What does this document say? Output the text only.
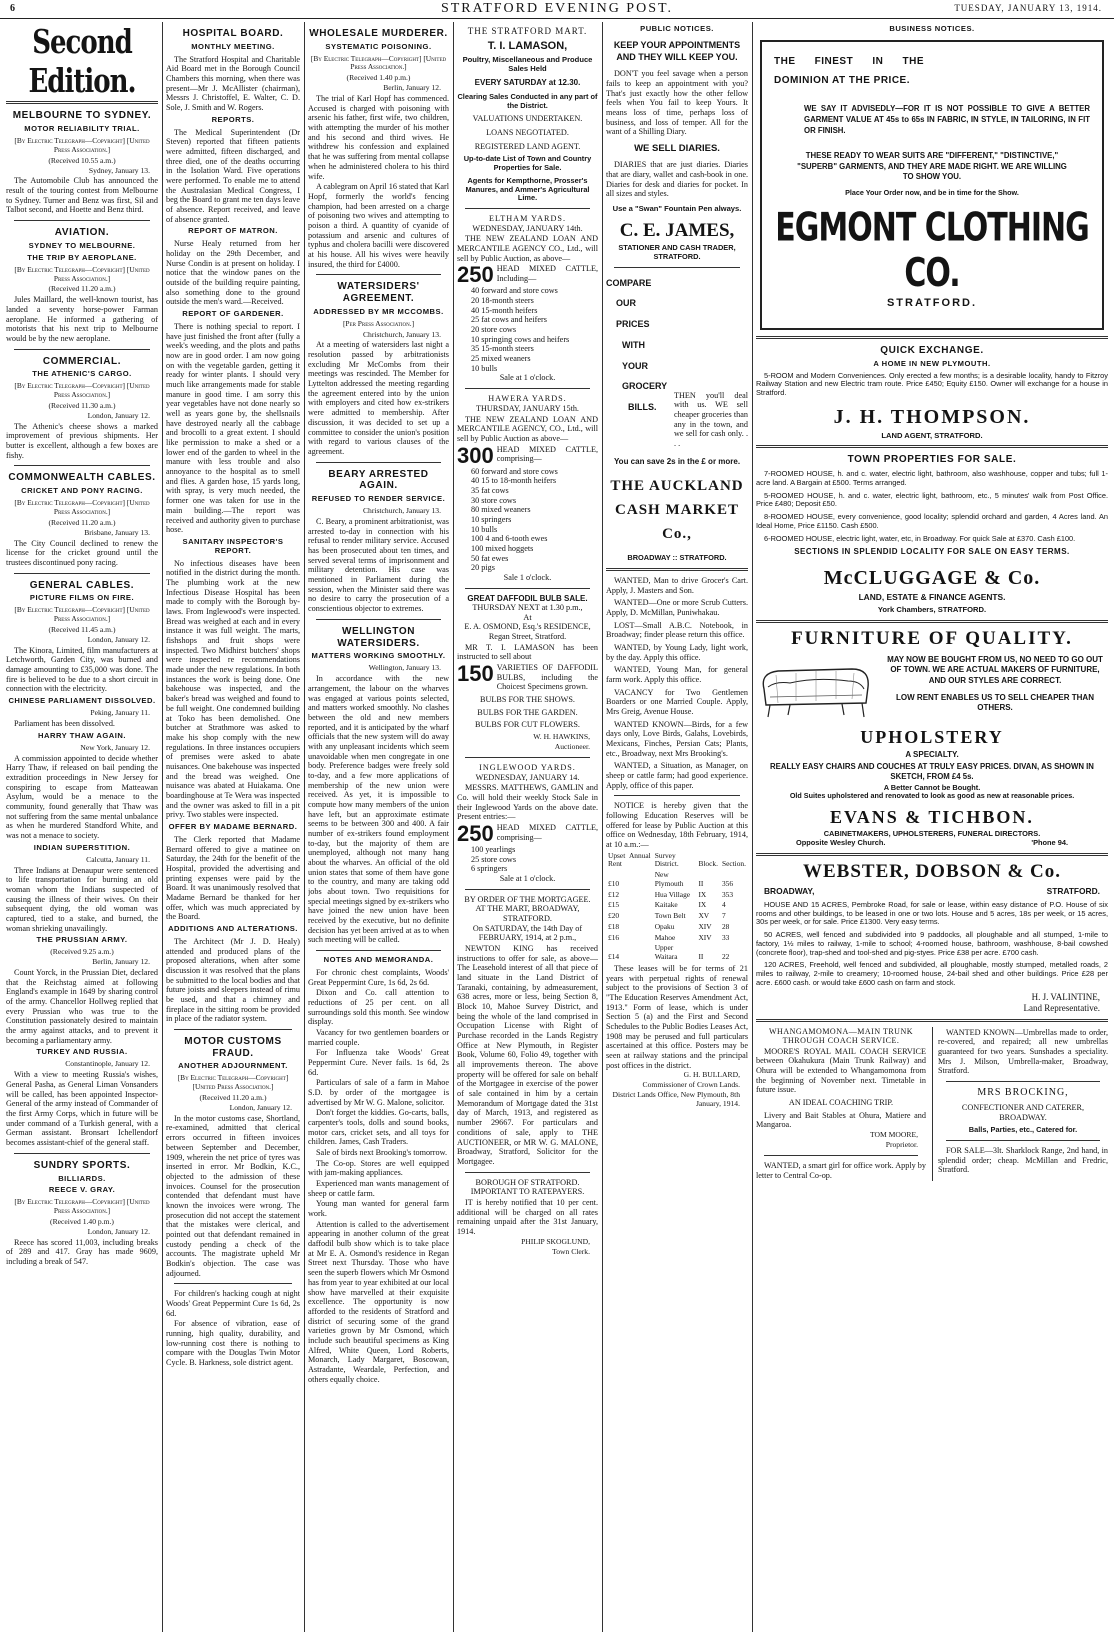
6	STRATFORD EVENING POST.	TUESDAY, JANUARY 13, 1914.
Second Edition.
MELBOURNE TO SYDNEY.
MOTOR RELIABILITY TRIAL.
[By Electric Telegraph—Copyright] [United Press Association.]
(Received 10.55 a.m.)
Sydney, January 13.
The Automobile Club has announced the result of the touring contest from Melbourne to Sydney. Turner and Benz was first, Sil and Talbot second, and Hoette and Benz third.
AVIATION.
SYDNEY TO MELBOURNE.
THE TRIP BY AEROPLANE.
[By Electric Telegraph—Copyright] [United Press Association.]
(Received 11.20 a.m.)
Jules Maillard, the well-known tourist, has landed a seventy horse-power Farman aeroplane. He informed a gathering of motorists that his next trip to Melbourne would be by the new aeroplane.
COMMERCIAL.
THE ATHENIC'S CARGO.
[By Electric Telegraph—Copyright] [United Press Association.]
(Received 11.30 a.m.)
London, January 12.
The Athenic's cheese shows a marked improvement of previous shipments. Her butter is excellent, although a few boxes are fishy.
COMMONWEALTH CABLES.
CRICKET AND PONY RACING.
[By Electric Telegraph—Copyright] [United Press Association.]
(Received 11.20 a.m.)
Brisbane, January 13.
The City Council declined to renew the license for the cricket ground until the trustees discontinued pony racing.
GENERAL CABLES.
PICTURE FILMS ON FIRE.
[By Electric Telegraph—Copyright] [United Press Association.]
(Received 11.45 a.m.)
London, January 12.
The Kinora, Limited, film manufacturers at Letchworth, Garden City, was burned and damage amounting to £35,000 was done. The fire is believed to be due to a short circuit in connection with the electricity.
CHINESE PARLIAMENT DISSOLVED.
Peking, January 11.
Parliament has been dissolved.
HARRY THAW AGAIN.
New York, January 12.
A commission appointed to decide whether Harry Thaw, if released on bail pending the extradition proceedings in New Jersey for conspiring to escape from Matteawan Asylum, would be a menace to the community, found generally that Thaw was not suffering from the same mental unbalance as when he murdered Standford White, and was not a menace to society.
INDIAN SUPERSTITION.
Calcutta, January 11.
Three Indians at Denaupur were sentenced to life transportation for burning an old woman whom the Indians suspected of causing the illness of their wives. On their subsequent dying, the old woman was captured, tied to a stake, and burned, the woman shrieking unavailingly.
THE PRUSSIAN ARMY.
(Received 9.25 a.m.)
Berlin, January 12.
Count Yorck, in the Prussian Diet, declared that the Reichstag aimed at following England's example in 1649 by sharing control of the army. Chancellor Hollweg replied that every Prussian who was true to the Constitution passionately desired to maintain the army against attacks, and to prevent it becoming a parliamentary army.
TURKEY AND RUSSIA.
Constantinople, January 12.
With a view to meeting Russia's wishes, General Pasha, as General Liman Vonsanders will be called, has been appointed Inspector-General of the army instead of Commander of the first Army Corps, which in future will be under command of a Turkish general, with a German assistant. Bronsart Ichellendorf becomes assistant-chief of the general staff.
SUNDRY SPORTS.
BILLIARDS.
REECE V. GRAY.
[By Electric Telegraph—Copyright] [United Press Association.]
(Received 1.40 p.m.)
London, January 12.
Reece has scored 11,003, including breaks of 289 and 417. Gray has made 9609, including a break of 547.
HOSPITAL BOARD.
MONTHLY MEETING.
The Stratford Hospital and Charitable Aid Board met in the Borough Council Chambers this morning, when there was present—Mr J. McAllister (chairman), Messrs J. Christoffel, E. Walter, C. D. Sole, J. Smith and W. Rogers.
REPORTS.
The Medical Superintendent (Dr Steven) reported that fifteen patients were admitted, fifteen discharged, and three died, one of the deaths occurring in the Isolation Ward. Five operations were performed. To enable me to attend the Australasian Medical Congress, I beg the Board to grant me ten days leave of absence. Report received, and leave of absence granted.
REPORT OF MATRON.
Nurse Healy returned from her holiday on the 29th December, and Nurse Condin is at present on holiday. I notice that the window panes on the outside of the building require painting, also something done to the ground outside the men's ward.—Received.
REPORT OF GARDENER.
There is nothing special to report. I have just finished the front after (fully a week's weeding, and the plots and paths now are in good order. I am now going on with the vegetable garden, getting it ready for winter plants. I should very much like arrangements made for stable manure in good time. I am sorry this year vegetables have not done nearly so well as years gone by, the shellsnails have destroyed nearly all the cabbage and brocolli to a great extent. I should like permission to make a shed or a lower end of the garden to wheel in the manure with less trouble and also annoyance to the hospital as to smell and flies. A garden hose, 15 yards long, with spray, is very much needed, the former one was taken for use in the main building.—The report was received and authority given to purchase hose.
SANITARY INSPECTOR'S REPORT.
No infectious diseases have been notified in the district during the month. The plumbing work at the new Infectious Disease Hospital has been made to comply with the Borough by-laws. From Inglewood's were inspected. Bread was weighed at each and in every instance it was full weight. The marts, fishshops and fruit shops were inspected. Two Midhirst butchers' shops were inspected re recommendations made under the new regulations. In both instances the work is being done. One bakehouse was inspected, and the baker's bread was weighed and found to be full weight. One condemned building at Toko has been demolished. One butcher at Strathmore was asked to make his shop comply with the new regulations. In three instances occupiers of premises were asked to abate nuisances. One bakehouse was inspected and the bread was weighed. One nuisance was abated at Huiakama. One boardinghouse at Te Wera was inspected and the owner was asked to fill in a pit privy. Two stables were inspected.
OFFER BY MADAME BERNARD.
The Clerk reported that Madame Bernard offered to give a matinee on Saturday, the 24th for the benefit of the Hospital, provided the advertising and printing expenses were paid by the Board. It was unanimously resolved that Madame Bernard be thanked for her offer, which was much appreciated by the Board.
ADDITIONS AND ALTERATIONS.
The Architect (Mr J. D. Healy) attended and produced plans of the proposed alterations, when after some discussion it was resolved that the plans be submitted to the local bodies and that future joists and sleepers instead of rimu be used, and that a chimney and fireplace in the sitting room be provided in place of the radiator system.
MOTOR CUSTOMS FRAUD.
ANOTHER ADJOURNMENT.
[By Electric Telegraph—Copyright] [United Press Association.]
(Received 11.20 a.m.)
London, January 12.
In the motor customs case, Shortland, re-examined, admitted that clerical errors occurred in fifteen invoices between September and December, 1909, wherein the net price of tyres was inserted in error. Mr Bodkin, K.C., objected to the admission of these invoices. Counsel for the prosecution contended that defendant must have known the invoices were wrong. The prosecution did not accept the statement that the mistakes were clerical, and pointed out that defendant remained in custody pending a check of the accounts. The magistrate upheld Mr Bodkin's objection. The case was adjourned.
For children's hacking cough at night Woods' Great Peppermint Cure 1s 6d, 2s 6d.
For absence of vibration, ease of running, high quality, durability, and low-running cost there is nothing to compare with the Douglas Twin Motor Cycle. B. Harkness, sole district agent.
WHOLESALE MURDERER.
SYSTEMATIC POISONING.
[By Electric Telegraph—Copyright] [United Press Association.]
(Received 1.40 p.m.)
Berlin, January 12.
The trial of Karl Hopf has commenced. Accused is charged with poisoning with arsenic his father, first wife, two children, with attempting the murder of his mother and his second and third wives. He withdrew his confession and explained that he was suffering from mental collapse when he administered cholera to his third wife.
A cablegram on April 16 stated that Karl Hopf, formerly the world's fencing champion, had been arrested on a charge of poisoning two wives and attempting to poison a third. A quantity of cyanide of potassium and arsenic and cultures of typhus and cholera bacilli were discovered at his house. All his wives were heavily insured, the third for £4000.
WATERSIDERS' AGREEMENT.
ADDRESSED BY MR MCCOMBS.
[Per Press Association.]
Christchurch, January 13.
At a meeting of watersiders last night a resolution passed by arbitrationists excluding Mr McCombs from their meetings was rescinded. The Member for Lyttelton addressed the meeting regarding the agreement entered into by the union with employers and cited how ex-strikers were admitted to membership. After discussion, it was decided to set up a committee to consider the union's position with regard to various clauses of the agreement.
BEARY ARRESTED AGAIN.
REFUSED TO RENDER SERVICE.
Christchurch, January 13.
C. Beary, a prominent arbitrationist, was arrested to-day in connection with his refusal to render military service. Accused has been prosecuted about ten times, and served several terms of imprisonment and military detention. His case was mentioned in Parliament during the session, when the Minister said there was no desire to carry the prosecution of a conscientious objector to extremes.
WELLINGTON WATERSIDERS.
MATTERS WORKING SMOOTHLY.
Wellington, January 13.
In accordance with the new arrangement, the labour on the wharves was engaged at various points selected, and matters worked smoothly. No clashes between the old and new members reported, and it is anticipated by the wharf officials that the new system will do away with any unpleasant incidents which seem unavoidable when men congregate in one body. Preference badges were freely sold to-day, and a few more applications of membership of the new union were received. As yet, it is impossible to compute how many members of the union have left, but an approximate estimate seems to be between 300 and 400. A fair number of ex-strikers found employment to-day, but the majority of them are unemployed, although not many hang about the wharves. An official of the old union states that some of them have gone to the country, and many are taking odd jobs about town. Two requisitions for special meetings signed by ex-strikers who have joined the new union have been received by the executive, but no definite decision has yet been arrived at as to when such meeting will be called.
NOTES AND MEMORANDA.
For chronic chest complaints, Woods' Great Peppermint Cure, 1s 6d, 2s 6d.
Dixon and Co. call attention to reductions of 25 per cent. on all surroundings sold this month. See window display.
Vacancy for two gentlemen boarders or married couple.
For Influenza take Woods' Great Peppermint Cure. Never fails. 1s 6d, 2s 6d.
Particulars of sale of a farm in Mahoe S.D. by order of the mortgagee is advertised by Mr W. G. Malone, solicitor.
Don't forget the kiddies. Go-carts, balls, carpenter's tools, dolls and sound books, motor cars, cricket sets, and all toys for children. James, Cash Traders.
Sale of birds next Brooking's tomorrow.
The Co-op. Stores are well equipped with jam-making appliances.
Experienced man wants management of sheep or cattle farm.
Young man wanted for general farm work.
Attention is called to the advertisement appearing in another column of the great daffodil bulb show which is to take place at Mr E. A. Osmond's residence in Regan Street next Thursday. Those who have seen the superb flowers which Mr Osmond has from year to year exhibited at our local show have marvelled at their exquisite excellence. The opportunity is now afforded to the residents of Stratford and district of securing some of the grand varieties grown by Mr Osmond, which include such beautiful specimens as King Alfred, White Queen, Lord Roberts, Monarch, Lady Margaret, Boscowan, Astradante, Weardale, Perfection, and others equally choice.
THE STRATFORD MART.
T. I. LAMASON,
Poultry, Miscellaneous and Produce Sales Held
EVERY SATURDAY at 12.30.
Clearing Sales Conducted in any part of the District.
VALUATIONS UNDERTAKEN.
LOANS NEGOTIATED.
REGISTERED LAND AGENT.
Up-to-date List of Town and Country Properties for Sale.
Agents for Kempthorne, Prosser's Manures, and Ammer's Agricultural Lime.
ELTHAM YARDS.
WEDNESDAY, JANUARY 14th.
THE NEW ZEALAND LOAN AND MERCANTILE AGENCY CO., Ltd., will sell by Public Auction, as above—
250 HEAD MIXED CATTLE, Including—
40 forward and store cows
20 18-month steers
40 15-month heifers
25 fat cows and heifers
20 store cows
10 springing cows and heifers
35 15-month steers
25 mixed weaners
10 bulls
Sale at 1 o'clock.
HAWERA YARDS.
THURSDAY, JANUARY 15th.
THE NEW ZEALAND LOAN AND MERCANTILE AGENCY, CO., Ltd., will sell by Public Auction as above—
300 HEAD MIXED CATTLE, comprising—
60 forward and store cows
40 15 to 18-month heifers
35 fat cows
30 store cows
80 mixed weaners
10 springers
10 bulls
100 4 and 6-tooth ewes
100 mixed hoggets
50 fat ewes
20 pigs
Sale 1 o'clock.
GREAT DAFFODIL BULB SALE.
THURSDAY NEXT at 1.30 p.m.,
At
E. A. OSMOND, Esq.'s RESIDENCE, Regan Street, Stratford.
MR T. I. LAMASON has been instructed to sell about
150 VARIETIES OF DAFFODIL BULBS, including the Choicest Specimens grown.
BULBS FOR THE SHOWS.
BULBS FOR THE GARDEN.
BULBS FOR CUT FLOWERS.
W. H. HAWKINS,
Auctioneer.
INGLEWOOD YARDS.
WEDNESDAY, JANUARY 14.
MESSRS. MATTHEWS, GAMLIN and Co. will hold their weekly Stock Sale in their Inglewood Yards on the above date. Present entries:—
250 HEAD MIXED CATTLE, comprising—
100 yearlings
25 store cows
6 springers
Sale at 1 o'clock.
BY ORDER OF THE MORTGAGEE.
AT THE MART, BROADWAY, STRATFORD.
On SATURDAY, the 14th Day of FEBRUARY, 1914, at 2 p.m.,
NEWTON KING has received instructions to offer for sale, as above— The Leasehold interest of all that piece of land situate in the Land District of Taranaki, containing, by admeasurement, 638 acres, more or less, being Section 8, Block 10, Mahoe Survey District, and being the whole of the land comprised in Occupation License with Right of Purchase recorded in the Lands Registry Office at New Plymouth, in Register Book, Volume 60, Folio 49, together with all improvements thereon. The above property will be offered for sale on behalf of the Mortgagee in exercise of the power of sale contained in him by a certain Memorandum of Mortgage dated the 31st day of March, 1913, and registered as number 29667. For particulars and conditions of sale, apply to THE AUCTIONEER, or MR W. G. MALONE, Broadway, Stratford, Solicitor for the Mortgagee.
BOROUGH OF STRATFORD.
IMPORTANT TO RATEPAYERS.
IT is hereby notified that 10 per cent. additional will be charged on all rates remaining unpaid after the 31st January, 1914.
PHILIP SKOGLUND,
Town Clerk.
PUBLIC NOTICES.
KEEP YOUR APPOINTMENTS AND THEY WILL KEEP YOU.
DON'T you feel savage when a person fails to keep an appointment with you? That's just exactly how the other fellow feels when You fail to keep Yours. It means loss of time, perhaps loss of business, and loss of temper. All for the want of a Shilling Diary.
WE SELL DIARIES.
DIARIES that are just diaries. Diaries that are diary, wallet and cash-book in one. Diaries for desk and diaries for pocket. In all sizes and styles.
Use a "Swan" Fountain Pen always.
C. E. JAMES,
STATIONER AND CASH TRADER, STRATFORD.
COMPARE
OUR
PRICES
WITH
YOUR
GROCERY
BILLS.
THEN you'll deal with us. WE sell cheaper groceries than any in the town, and we sell for cash only. . . .
You can save 2s in the £ or more.
THE AUCKLAND CASH MARKET Co.,
BROADWAY :: STRATFORD.
WANTED, Man to drive Grocer's Cart. Apply, J. Masters and Son.
WANTED—One or more Scrub Cutters. Apply, D. McMillan, Puniwhakau.
LOST—Small A.B.C. Notebook, in Broadway; finder please return this office.
WANTED, by Young Lady, light work, by the day. Apply this office.
WANTED, Young Man, for general farm work. Apply this office.
VACANCY for Two Gentlemen Boarders or one Married Couple. Apply, Mrs Greig, Avenue House.
WANTED KNOWN—Birds, for a few days only, Love Birds, Galahs, Lovebirds, Mexicans, Finches, Persian Cats; Plants, etc., Broadway, next Mrs Brooking's.
WANTED, a Situation, as Manager, on sheep or cattle farm; had good experience. Apply, office of this paper.
NOTICE is hereby given that the following Education Reserves will be offered for lease by Public Auction at this office on Wednesday, 18th February, 1914, at 10 a.m.:—
Upset Annual Rent	Survey District.	Block.	Section.
£10	New Plymouth	II	356
£12	Hua Village	IX	353
£15	Kaitake	IX	4
£20	Town Belt	XV	7
£18	Opaku	XIV	28
£16	Mahoe	XIV	33
£14	Upper Waitara	II	22
These leases will be for terms of 21 years with perpetual rights of renewal subject to the provisions of Section 3 of "The Education Reserves Amendment Act, 1913." Form of lease, which is under Section 5 (a) and the First and Second Schedules to the Public Bodies Leases Act, 1908 may be perused and full particulars ascertained at this office. Posters may be seen at railway stations and the principal post offices in the district.
G. H. BULLARD,
Commissioner of Crown Lands.
District Lands Office, New Plymouth, 8th January, 1914.
BUSINESS NOTICES.
THE FINEST IN THE DOMINION AT THE PRICE.
WE SAY IT ADVISEDLY—FOR IT IS NOT POSSIBLE TO GIVE A BETTER GARMENT VALUE AT 45s to 65s IN FABRIC, IN STYLE, IN TAILORING, IN FIT OR FINISH.
THESE READY TO WEAR SUITS ARE "DIFFERENT," "DISTINCTIVE," "SUPERB" GARMENTS, AND THEY ARE MADE RIGHT. WE ARE WILLING TO SHOW YOU.
Place Your Order now, and be in time for the Show.
EGMONT CLOTHING CO.
STRATFORD.
QUICK EXCHANGE.
A HOME IN NEW PLYMOUTH.
5-ROOM and Modern Conveniences. Only erected a few months; is a desirable locality, handy to Fitzroy Railway Station and new Electric tram route. Price £450; Equity £150. Owner will exchange for a house in Stratford.
J. H. THOMPSON.
LAND AGENT, STRATFORD.
TOWN PROPERTIES FOR SALE.
7-ROOMED HOUSE, h. and c. water, electric light, bathroom, also washhouse, copper and tubs; full 1-acre land. A Bargain at £500. Terms arranged.
5-ROOMED HOUSE, h. and c. water, electric light, bathroom, etc., 5 minutes' walk from Post Office. Price £480; Deposit £50.
8-ROOMED HOUSE, every convenience, good locality; splendid orchard and garden, 4 Acres land. An Ideal Home, Price £1150. Cash £500.
6-ROOMED HOUSE, electric light, water, etc, in Broadway. For quick Sale at £370. Cash £100.
SECTIONS IN SPLENDID LOCALITY FOR SALE ON EASY TERMS.
McCLUGGAGE & Co.
LAND, ESTATE & FINANCE AGENTS.
York Chambers, STRATFORD.
FURNITURE OF QUALITY.
MAY NOW BE BOUGHT FROM US, NO NEED TO GO OUT OF TOWN. WE ARE ACTUAL MAKERS OF FURNITURE, AND OUR STYLES ARE CORRECT.
LOW RENT ENABLES US TO SELL CHEAPER THAN OTHERS.
UPHOLSTERY
A SPECIALTY.
REALLY EASY CHAIRS AND COUCHES AT TRULY EASY PRICES. DIVAN, AS SHOWN IN SKETCH, FROM £4 5s.
A Better Cannot be Bought.
Old Suites upholstered and renovated to look as good as new at reasonable prices.
EVANS & TICHBON.
CABINETMAKERS, UPHOLSTERERS, FUNERAL DIRECTORS.
Opposite Wesley Church.	'Phone 94.
WEBSTER, DOBSON & Co.
BROADWAY,	STRATFORD.
HOUSE AND 15 ACRES, Pembroke Road, for sale or lease, within easy distance of P.O. House of six rooms and other buildings, to be leased in one or two lots. House and 5 acres, 18s per week, or 15 acres, 30s per week, or for sale. Price £1300. Very easy terms.
50 ACRES, well fenced and subdivided into 9 paddocks, all ploughable and all stumped, 1-mile to factory, 1½ miles to railway, 1-mile to school; 4-roomed house, bathroom, washhouse, 8-bail cowshed (concrete floor), trap-shed and tool-shed and pig-styes. Price £38 per acre. £700 cash.
120 ACRES, Freehold, well fenced and subdivided, all ploughable, mostly stumped, metalled roads, 2 miles to railway, 2-mile to creamery; 10-roomed house, 24-bail shed and other buildings. Price £28 per acre. £600 cash. or would take £600 cash on farm and stock.
H. J. VALINTINE,
Land Representative.
WHANGAMOMONA—MAIN TRUNK THROUGH COACH SERVICE.
MOORE'S ROYAL MAIL COACH SERVICE between Okahukura (Main Trunk Railway) and Ohura will be extended to Whangamomona from the beginning of November next. Timetable in future issue.
AN IDEAL COACHING TRIP.
Livery and Bait Stables at Ohura, Matiere and Mangaroa.
TOM MOORE,
Proprietor.
WANTED, a smart girl for office work. Apply by letter to Central Co-op.
WANTED KNOWN—Umbrellas made to order, re-covered, and repaired; all new umbrellas guaranteed for two years. Sunshades a speciality. Mrs J. Milson, Umbrella-maker, Broadway, Stratford.
MRS BROCKING,
CONFECTIONER AND CATERER, BROADWAY.
Balls, Parties, etc., Catered for.
FOR SALE—3lt. Sharklock Range, 2nd hand, in splendid order; cheap. McMillan and Fredric, Stratford.
